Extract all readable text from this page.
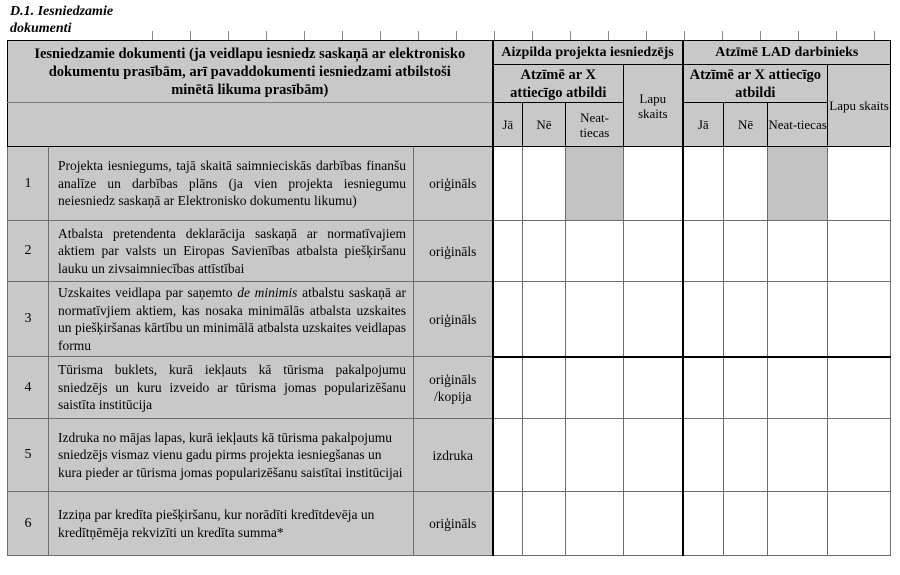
D.1. Iesniedzamie
dokumenti
Iesniedzamie dokumenti (ja veidlapu iesniedz saskaņā ar elektronisko dokumentu prasībām, arī pavaddokumenti iesniedzami atbilstoši minētā likuma prasībām)			Aizpilda projekta iesniedzējs				Atzīmē LAD darbinieks			
			Atzīmē ar X attiecīgo atbildi			Lapu skaits	Atzīmē ar X attiecīgo atbildi			Lapu skaits
			Jā	Nē	Neat-tiecas		Jā	Nē	Neat-tiecas	
1	Projekta iesniegums, tajā skaitā saimnieciskās darbības finanšu analīze un darbības plāns (ja vien projekta iesniegumu neiesniedz saskaņā ar Elektronisko dokumentu likumu)	oriģināls								
2	Atbalsta pretendenta deklarācija saskaņā ar normatīvajiem aktiem par valsts un Eiropas Savienības atbalsta piešķiršanu lauku un zivsaimniecības attīstībai	oriģināls								
3	Uzskaites veidlapa par saņemto de minimis atbalstu saskaņā ar normatīvjiem aktiem, kas nosaka minimālās atbalsta uzskaites un piešķiršanas kārtību un minimālā atbalsta uzskaites veidlapas formu	oriģināls								
4	Tūrisma buklets, kurā iekļauts kā tūrisma pakalpojumu sniedzējs un kuru izveido ar tūrisma jomas popularizēšanu saistīta institūcija	oriģināls /kopija								
5	Izdruka no mājas lapas, kurā iekļauts kā tūrisma pakalpojumu sniedzējs vismaz vienu gadu pirms projekta iesniegšanas un kura pieder ar tūrisma jomas popularizēšanu saistītai institūcijai	izdruka								
6	Izziņa par kredīta piešķiršanu, kur norādīti kredītdevēja un kredītņēmēja rekvizīti un kredīta summa*	oriģināls								
